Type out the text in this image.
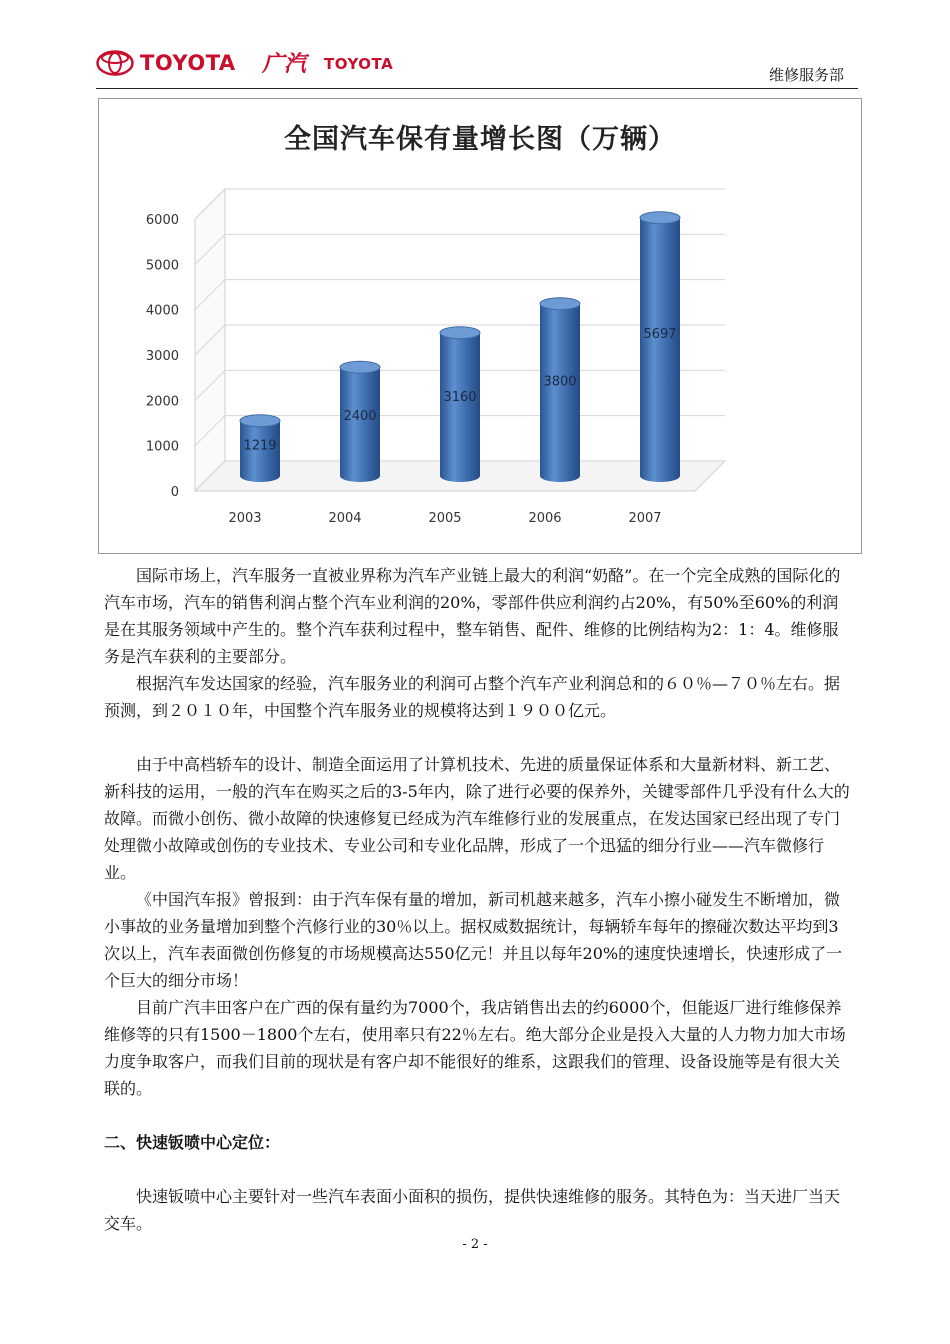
TOYOTA 广汽 TOYOTA
维修服务部
0
1000
2000
3000
4000
5000
6000
1219
2003
2400
2004
3160
2005
3800
2006
5697
2007
全国汽车保有量增长图（万辆）

国际市场上，汽车服务一直被业界称为汽车产业链上最大的利润“奶酪”。在一个完全成熟的国际化的汽车市场，汽车的销售利润占整个汽车业利润的20%，零部件供应利润约占20%，有50%至60%的利润是在其服务领域中产生的。整个汽车获利过程中，整车销售、配件、维修的比例结构为2：1：4。维修服务是汽车获利的主要部分。

根据汽车发达国家的经验，汽车服务业的利润可占整个汽车产业利润总和的６０％—７０％左右。据预测，到２０１０年，中国整个汽车服务业的规模将达到１９００亿元。

由于中高档轿车的设计、制造全面运用了计算机技术、先进的质量保证体系和大量新材料、新工艺、新科技的运用，一般的汽车在购买之后的3-5年内，除了进行必要的保养外，关键零部件几乎没有什么大的故障。而微小创伤、微小故障的快速修复已经成为汽车维修行业的发展重点，在发达国家已经出现了专门处理微小故障或创伤的专业技术、专业公司和专业化品牌，形成了一个迅猛的细分行业——汽车微修行业。

《中国汽车报》曾报到：由于汽车保有量的增加，新司机越来越多，汽车小擦小碰发生不断增加，微小事故的业务量增加到整个汽修行业的30％以上。据权威数据统计，每辆轿车每年的擦碰次数达平均到3次以上，汽车表面微创伤修复的市场规模高达550亿元！并且以每年20%的速度快速增长，快速形成了一个巨大的细分市场！

目前广汽丰田客户在广西的保有量约为7000个，我店销售出去的约6000个，但能返厂进行维修保养维修等的只有1500－1800个左右，使用率只有22％左右。绝大部分企业是投入大量的人力物力加大市场力度争取客户，而我们目前的现状是有客户却不能很好的维系，这跟我们的管理、设备设施等是有很大关联的。

二、快速钣喷中心定位：

快速钣喷中心主要针对一些汽车表面小面积的损伤，提供快速维修的服务。其特色为：当天进厂当天交车。

- 2 -
